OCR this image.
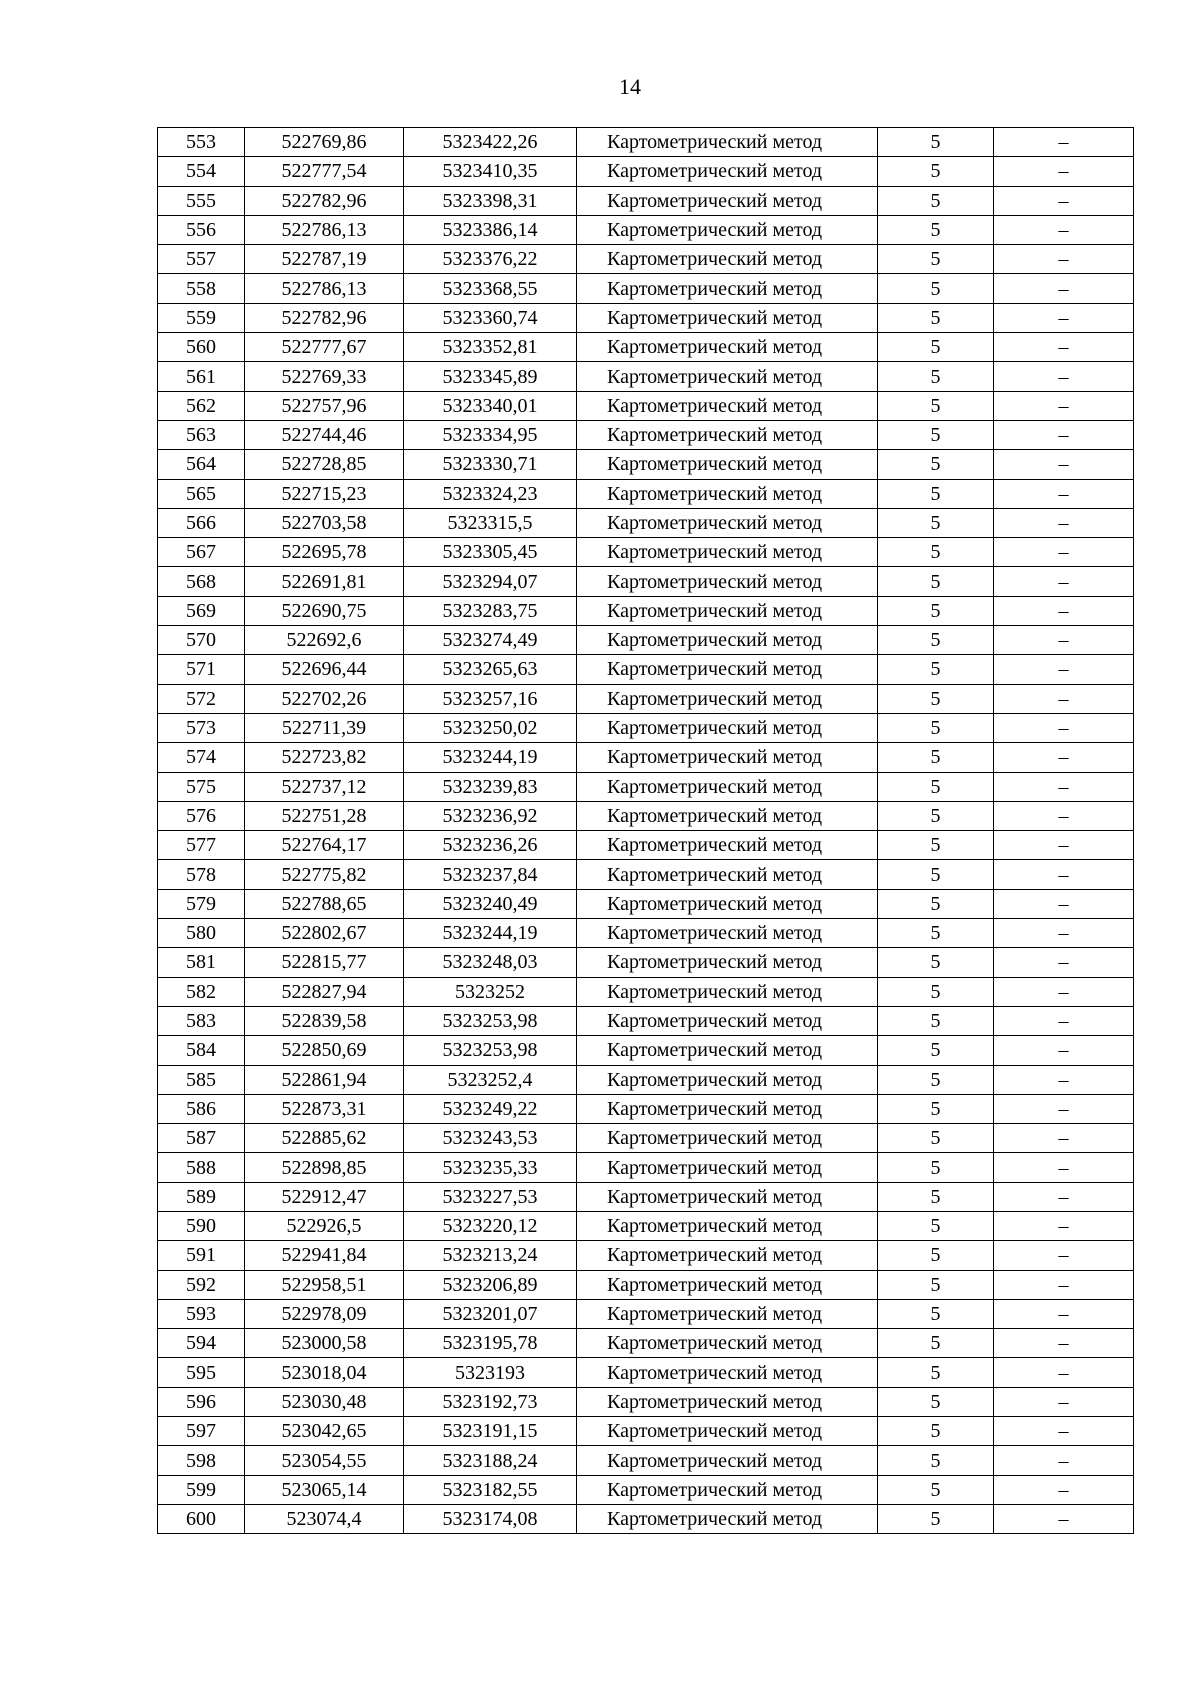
14
553	522769,86	5323422,26	Картометрический метод	5	–
554	522777,54	5323410,35	Картометрический метод	5	–
555	522782,96	5323398,31	Картометрический метод	5	–
556	522786,13	5323386,14	Картометрический метод	5	–
557	522787,19	5323376,22	Картометрический метод	5	–
558	522786,13	5323368,55	Картометрический метод	5	–
559	522782,96	5323360,74	Картометрический метод	5	–
560	522777,67	5323352,81	Картометрический метод	5	–
561	522769,33	5323345,89	Картометрический метод	5	–
562	522757,96	5323340,01	Картометрический метод	5	–
563	522744,46	5323334,95	Картометрический метод	5	–
564	522728,85	5323330,71	Картометрический метод	5	–
565	522715,23	5323324,23	Картометрический метод	5	–
566	522703,58	5323315,5	Картометрический метод	5	–
567	522695,78	5323305,45	Картометрический метод	5	–
568	522691,81	5323294,07	Картометрический метод	5	–
569	522690,75	5323283,75	Картометрический метод	5	–
570	522692,6	5323274,49	Картометрический метод	5	–
571	522696,44	5323265,63	Картометрический метод	5	–
572	522702,26	5323257,16	Картометрический метод	5	–
573	522711,39	5323250,02	Картометрический метод	5	–
574	522723,82	5323244,19	Картометрический метод	5	–
575	522737,12	5323239,83	Картометрический метод	5	–
576	522751,28	5323236,92	Картометрический метод	5	–
577	522764,17	5323236,26	Картометрический метод	5	–
578	522775,82	5323237,84	Картометрический метод	5	–
579	522788,65	5323240,49	Картометрический метод	5	–
580	522802,67	5323244,19	Картометрический метод	5	–
581	522815,77	5323248,03	Картометрический метод	5	–
582	522827,94	5323252	Картометрический метод	5	–
583	522839,58	5323253,98	Картометрический метод	5	–
584	522850,69	5323253,98	Картометрический метод	5	–
585	522861,94	5323252,4	Картометрический метод	5	–
586	522873,31	5323249,22	Картометрический метод	5	–
587	522885,62	5323243,53	Картометрический метод	5	–
588	522898,85	5323235,33	Картометрический метод	5	–
589	522912,47	5323227,53	Картометрический метод	5	–
590	522926,5	5323220,12	Картометрический метод	5	–
591	522941,84	5323213,24	Картометрический метод	5	–
592	522958,51	5323206,89	Картометрический метод	5	–
593	522978,09	5323201,07	Картометрический метод	5	–
594	523000,58	5323195,78	Картометрический метод	5	–
595	523018,04	5323193	Картометрический метод	5	–
596	523030,48	5323192,73	Картометрический метод	5	–
597	523042,65	5323191,15	Картометрический метод	5	–
598	523054,55	5323188,24	Картометрический метод	5	–
599	523065,14	5323182,55	Картометрический метод	5	–
600	523074,4	5323174,08	Картометрический метод	5	–
